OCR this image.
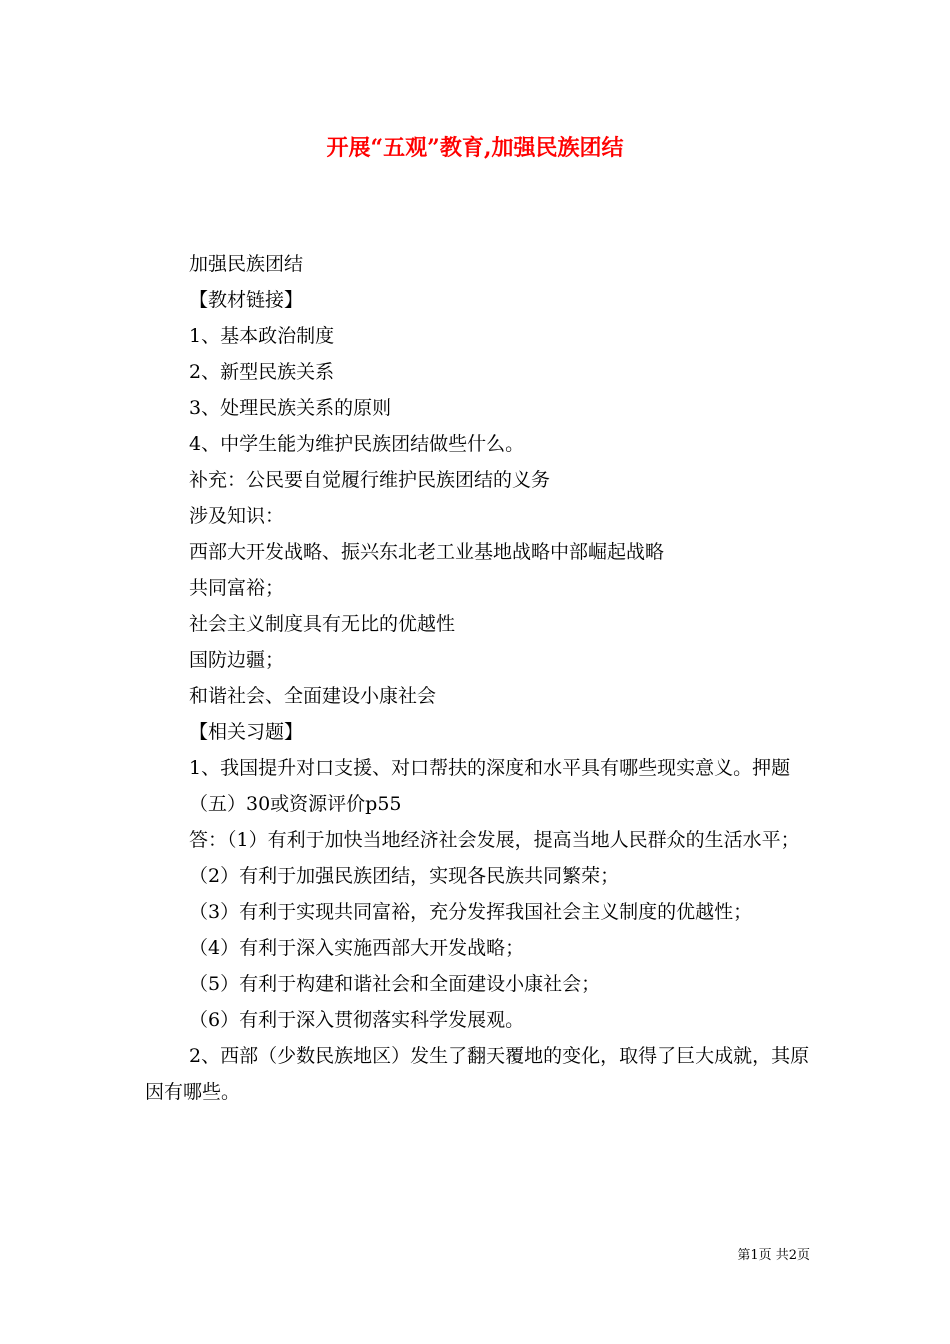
开展“五观”教育,加强民族团结

加强民族团结

【教材链接】

1、基本政治制度

2、新型民族关系

3、处理民族关系的原则

4、中学生能为维护民族团结做些什么。

补充：公民要自觉履行维护民族团结的义务

涉及知识：

西部大开发战略、振兴东北老工业基地战略中部崛起战略

共同富裕；

社会主义制度具有无比的优越性

国防边疆；

和谐社会、全面建设小康社会

【相关习题】

1、我国提升对口支援、对口帮扶的深度和水平具有哪些现实意义。押题

（五）30或资源评价p55

答：（1）有利于加快当地经济社会发展，提高当地人民群众的生活水平；

（2）有利于加强民族团结，实现各民族共同繁荣；

（3）有利于实现共同富裕，充分发挥我国社会主义制度的优越性；

（4）有利于深入实施西部大开发战略；

（5）有利于构建和谐社会和全面建设小康社会；

（6）有利于深入贯彻落实科学发展观。

2、西部（少数民族地区）发生了翻天覆地的变化，取得了巨大成就，其原因有哪些。

第1页 共2页
